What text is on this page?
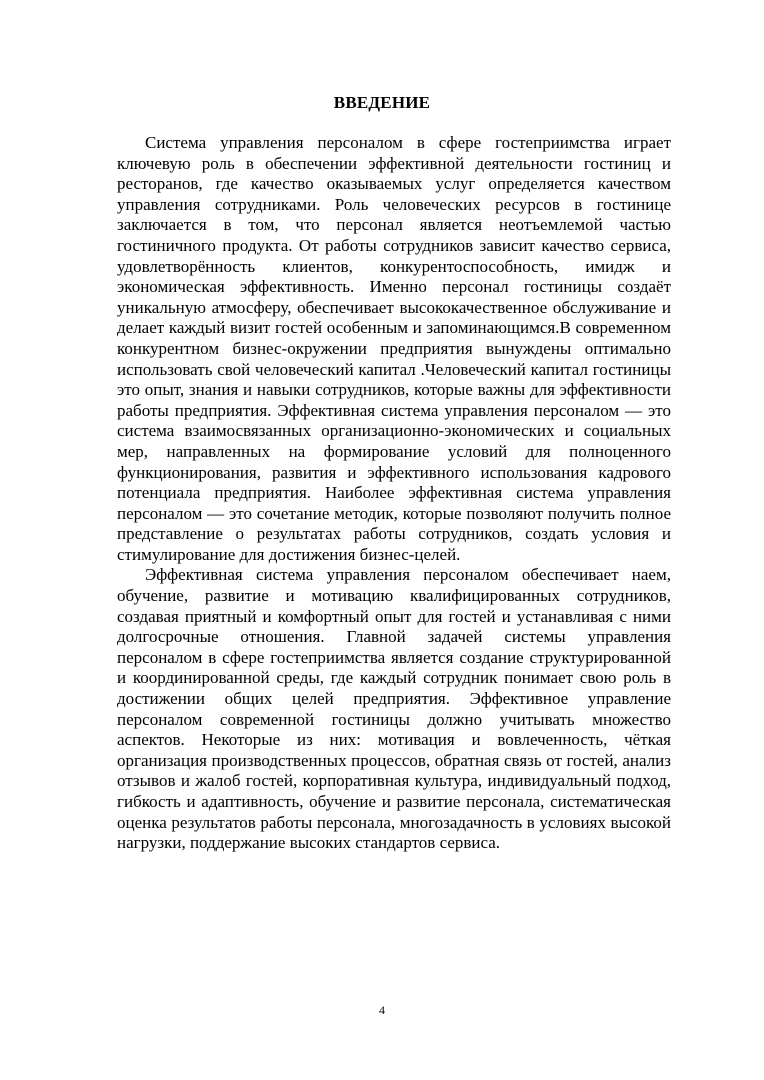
ВВЕДЕНИЕ

Система управления персоналом в сфере гостеприимства играет ключевую роль в обеспечении эффективной деятельности гостиниц и ресторанов, где качество оказываемых услуг определяется качеством управления сотрудниками. Роль человеческих ресурсов в гостинице заключается в том, что персонал является неотъемлемой частью гостиничного продукта. От работы сотрудников зависит качество сервиса, удовлетворённость клиентов, конкурентоспособность, имидж и экономическая эффективность. Именно персонал гостиницы создаёт уникальную атмосферу, обеспечивает высококачественное обслуживание и делает каждый визит гостей особенным и запоминающимся.В современном конкурентном бизнес-окружении предприятия вынуждены оптимально использовать свой человеческий капитал .Человеческий капитал гостиницы это опыт, знания и навыки сотрудников, которые важны для эффективности работы предприятия. Эффективная система управления персоналом — это система взаимосвязанных организационно-экономических и социальных мер, направленных на формирование условий для полноценного функционирования, развития и эффективного использования кадрового потенциала предприятия. Наиболее эффективная система управления персоналом — это сочетание методик, которые позволяют получить полное представление о результатах работы сотрудников, создать условия и стимулирование для достижения бизнес-целей.

Эффективная система управления персоналом обеспечивает наем, обучение, развитие и мотивацию квалифицированных сотрудников, создавая приятный и комфортный опыт для гостей и устанавливая с ними долгосрочные отношения. Главной задачей системы управления персоналом в сфере гостеприимства является создание структурированной и координированной среды, где каждый сотрудник понимает свою роль в достижении общих целей предприятия. Эффективное управление персоналом современной гостиницы должно учитывать множество аспектов. Некоторые из них: мотивация и вовлеченность, чёткая организация производственных процессов, обратная связь от гостей, анализ отзывов и жалоб гостей, корпоративная культура, индивидуальный подход, гибкость и адаптивность, обучение и развитие персонала, систематическая оценка результатов работы персонала, многозадачность в условиях высокой нагрузки, поддержание высоких стандартов сервиса.

4
